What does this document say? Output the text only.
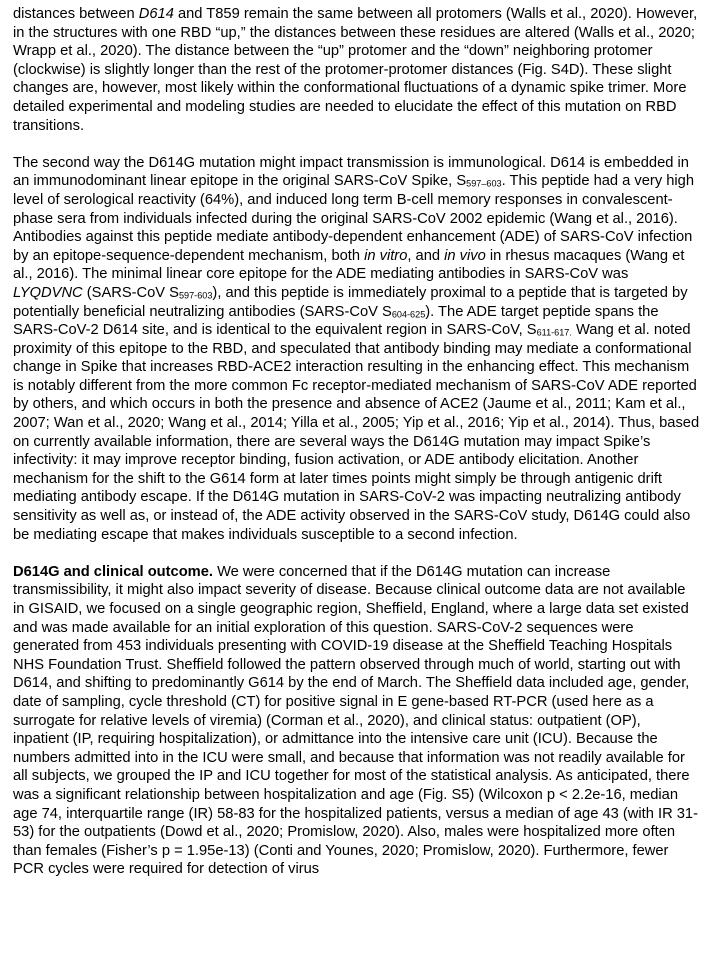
distances between D614 and T859 remain the same between all protomers (Walls et al., 2020). However, in the structures with one RBD “up,” the distances between these residues are altered (Walls et al., 2020; Wrapp et al., 2020). The distance between the “up” protomer and the “down” neighboring protomer (clockwise) is slightly longer than the rest of the protomer-protomer distances (Fig. S4D). These slight changes are, however, most likely within the conformational fluctuations of a dynamic spike trimer. More detailed experimental and modeling studies are needed to elucidate the effect of this mutation on RBD transitions.

The second way the D614G mutation might impact transmission is immunological. D614 is embedded in an immunodominant linear epitope in the original SARS-CoV Spike, S597–603. This peptide had a very high level of serological reactivity (64%), and induced long term B-cell memory responses in convalescent-phase sera from individuals infected during the original SARS-CoV 2002 epidemic (Wang et al., 2016). Antibodies against this peptide mediate antibody-dependent enhancement (ADE) of SARS-CoV infection by an epitope-sequence-dependent mechanism, both in vitro, and in vivo in rhesus macaques (Wang et al., 2016). The minimal linear core epitope for the ADE mediating antibodies in SARS-CoV was LYQDVNC (SARS-CoV S597-603), and this peptide is immediately proximal to a peptide that is targeted by potentially beneficial neutralizing antibodies (SARS-CoV S604-625). The ADE target peptide spans the SARS-CoV-2 D614 site, and is identical to the equivalent region in SARS-CoV, S611-617. Wang et al. noted proximity of this epitope to the RBD, and speculated that antibody binding may mediate a conformational change in Spike that increases RBD-ACE2 interaction resulting in the enhancing effect. This mechanism is notably different from the more common Fc receptor-mediated mechanism of SARS-CoV ADE reported by others, and which occurs in both the presence and absence of ACE2 (Jaume et al., 2011; Kam et al., 2007; Wan et al., 2020; Wang et al., 2014; Yilla et al., 2005; Yip et al., 2016; Yip et al., 2014). Thus, based on currently available information, there are several ways the D614G mutation may impact Spike’s infectivity: it may improve receptor binding, fusion activation, or ADE antibody elicitation. Another mechanism for the shift to the G614 form at later times points might simply be through antigenic drift mediating antibody escape. If the D614G mutation in SARS-CoV-2 was impacting neutralizing antibody sensitivity as well as, or instead of, the ADE activity observed in the SARS-CoV study, D614G could also be mediating escape that makes individuals susceptible to a second infection.

D614G and clinical outcome. We were concerned that if the D614G mutation can increase transmissibility, it might also impact severity of disease. Because clinical outcome data are not available in GISAID, we focused on a single geographic region, Sheffield, England, where a large data set existed and was made available for an initial exploration of this question. SARS-CoV-2 sequences were generated from 453 individuals presenting with COVID-19 disease at the Sheffield Teaching Hospitals NHS Foundation Trust. Sheffield followed the pattern observed through much of world, starting out with D614, and shifting to predominantly G614 by the end of March. The Sheffield data included age, gender, date of sampling, cycle threshold (CT) for positive signal in E gene-based RT-PCR (used here as a surrogate for relative levels of viremia) (Corman et al., 2020), and clinical status: outpatient (OP), inpatient (IP, requiring hospitalization), or admittance into the intensive care unit (ICU). Because the numbers admitted into in the ICU were small, and because that information was not readily available for all subjects, we grouped the IP and ICU together for most of the statistical analysis. As anticipated, there was a significant relationship between hospitalization and age (Fig. S5) (Wilcoxon p < 2.2e-16, median age 74, interquartile range (IR) 58-83 for the hospitalized patients, versus a median of age 43 (with IR 31-53) for the outpatients (Dowd et al., 2020; Promislow, 2020). Also, males were hospitalized more often than females (Fisher’s p = 1.95e-13) (Conti and Younes, 2020; Promislow, 2020). Furthermore, fewer PCR cycles were required for detection of virus
